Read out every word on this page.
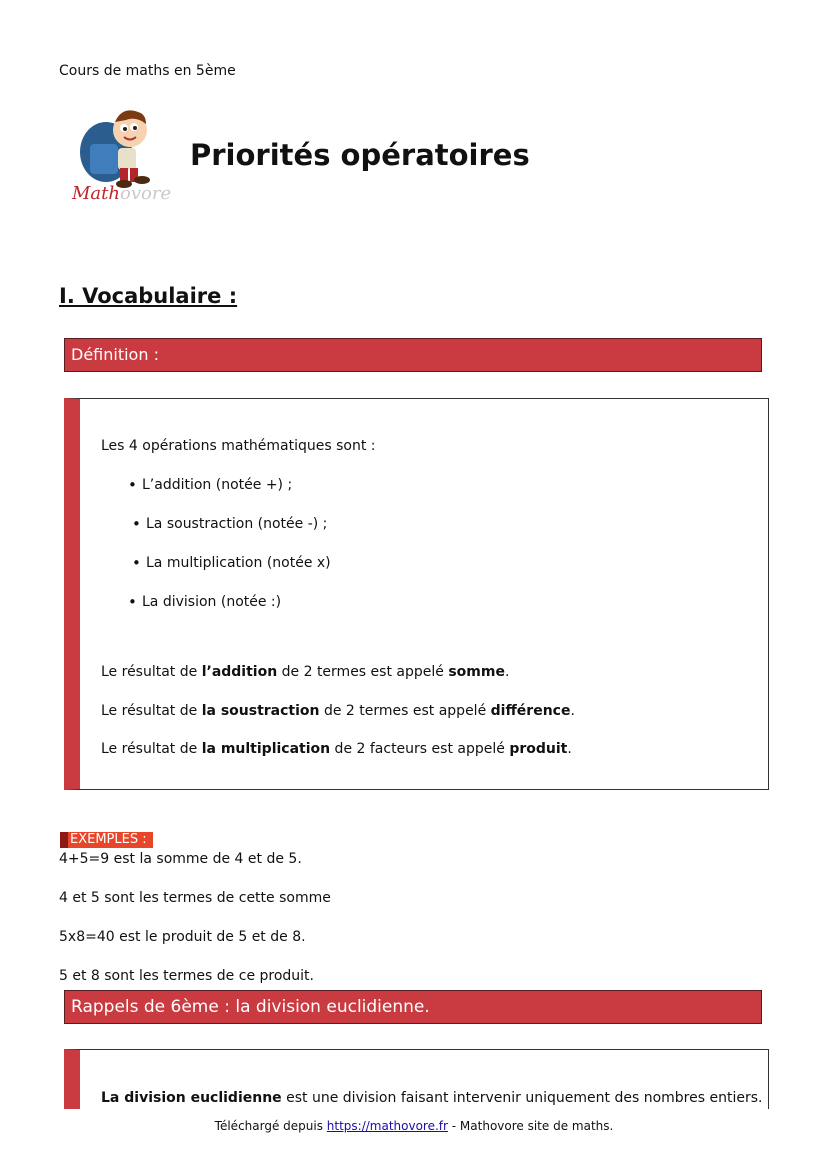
Cours de maths en 5ème
Mathovore
Priorités opératoires
I. Vocabulaire :
Définition :
Les 4 opérations mathématiques sont :
• L’addition (notée +) ;
• La soustraction (notée -) ;
• La multiplication (notée x)
• La division (notée :)
Le résultat de l’addition de 2 termes est appelé somme.
Le résultat de la soustraction de 2 termes est appelé différence.
Le résultat de la multiplication de 2 facteurs est appelé produit.
EXEMPLES :
4+5=9 est la somme de 4 et de 5.
4 et 5 sont les termes de cette somme
5x8=40 est le produit de 5 et de 8.
5 et 8 sont les termes de ce produit.
Rappels de 6ème : la division euclidienne.
La division euclidienne est une division faisant intervenir uniquement des nombres entiers.
Téléchargé depuis https://mathovore.fr - Mathovore site de maths.
